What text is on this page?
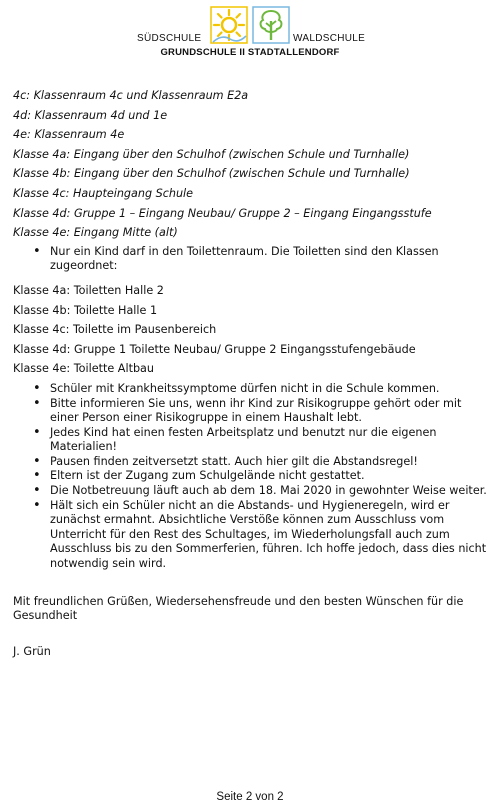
SÜDSCHULE	WALDSCHULE
GRUNDSCHULE II STADTALLENDORF
4c: Klassenraum 4c und Klassenraum E2a
4d: Klassenraum 4d und 1e
4e: Klassenraum 4e
Klasse 4a: Eingang über den Schulhof (zwischen Schule und Turnhalle)
Klasse 4b: Eingang über den Schulhof (zwischen Schule und Turnhalle)
Klasse 4c: Haupteingang Schule
Klasse 4d: Gruppe 1 – Eingang Neubau/ Gruppe 2 – Eingang Eingangsstufe
Klasse 4e: Eingang Mitte (alt)
• Nur ein Kind darf in den Toilettenraum. Die Toiletten sind den Klassen zugeordnet:
Klasse 4a: Toiletten Halle 2
Klasse 4b: Toilette Halle 1
Klasse 4c: Toilette im Pausenbereich
Klasse 4d: Gruppe 1 Toilette Neubau/ Gruppe 2 Eingangsstufengebäude
Klasse 4e: Toilette Altbau
• Schüler mit Krankheitssymptome dürfen nicht in die Schule kommen.
• Bitte informieren Sie uns, wenn ihr Kind zur Risikogruppe gehört oder mit einer Person einer Risikogruppe in einem Haushalt lebt.
• Jedes Kind hat einen festen Arbeitsplatz und benutzt nur die eigenen Materialien!
• Pausen finden zeitversetzt statt. Auch hier gilt die Abstandsregel!
• Eltern ist der Zugang zum Schulgelände nicht gestattet.
• Die Notbetreuung läuft auch ab dem 18. Mai 2020 in gewohnter Weise weiter.
• Hält sich ein Schüler nicht an die Abstands- und Hygieneregeln, wird er zunächst ermahnt. Absichtliche Verstöße können zum Ausschluss vom Unterricht für den Rest des Schultages, im Wiederholungsfall auch zum Ausschluss bis zu den Sommerferien, führen. Ich hoffe jedoch, dass dies nicht notwendig sein wird.
Mit freundlichen Grüßen, Wiedersehensfreude und den besten Wünschen für die Gesundheit
J. Grün
Seite 2 von 2
